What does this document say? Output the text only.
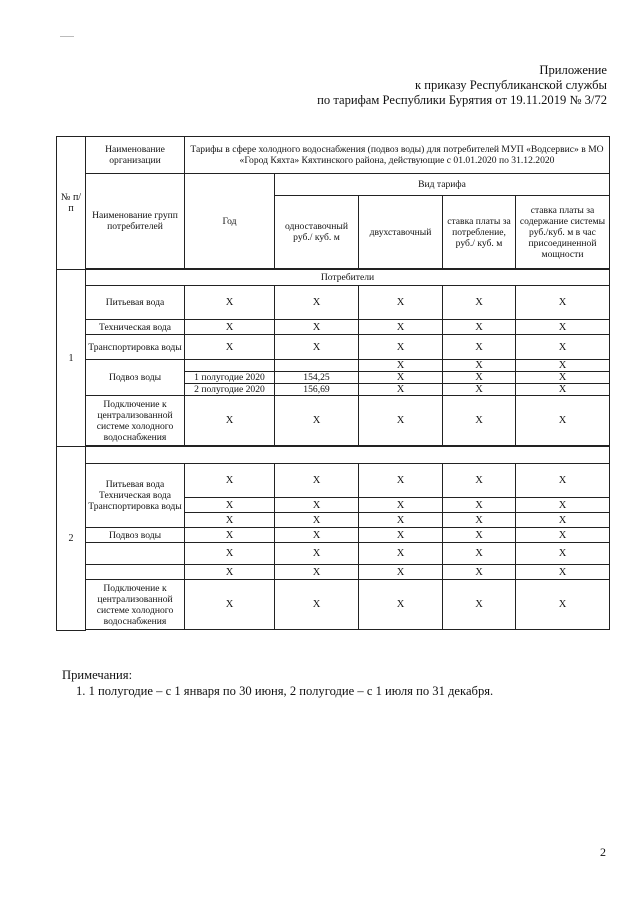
Приложение
к приказу Республиканской службы
по тарифам Республики Бурятия от 19.11.2019 № 3/72
№ п/п	Наименование организации	Тарифы в сфере холодного водоснабжения (подвоз воды) для потребителей МУП «Водсервис» в МО «Город Кяхта» Кяхтинского района, действующие с 01.01.2020 по 31.12.2020				
	Наименование групп потребителей	Год	Вид тарифа			
			одноставочный руб./ куб. м	двухставочный	ставка платы за потребление, руб./ куб. м	ставка платы за содержание системы руб./куб. м в час присоединенной мощности

1	Потребители					
	Питьевая вода	Х	Х	Х	Х	Х
	Техническая вода	Х	Х	Х	Х	Х
	Транспортировка воды	Х	Х	Х	Х	Х
	Подвоз воды			Х	Х	Х
		1 полугодие 2020	154,25	Х	Х	Х
		2 полугодие 2020	156,69	Х	Х	Х
	Подключение к централизованной системе холодного водоснабжения	Х	Х	Х	Х	Х

2						
	Питьевая вода Техническая вода Транспортировка воды	Х	Х	Х	Х	Х
		Х	Х	Х	Х	Х
		Х	Х	Х	Х	Х
	Подвоз воды	Х	Х	Х	Х	Х
		Х	Х	Х	Х	Х
		Х	Х	Х	Х	Х
	Подключение к централизованной системе холодного водоснабжения	Х	Х	Х	Х	Х

Примечания:
1. 1 полугодие – с 1 января по 30 июня, 2 полугодие – с 1 июля по 31 декабря.
2
